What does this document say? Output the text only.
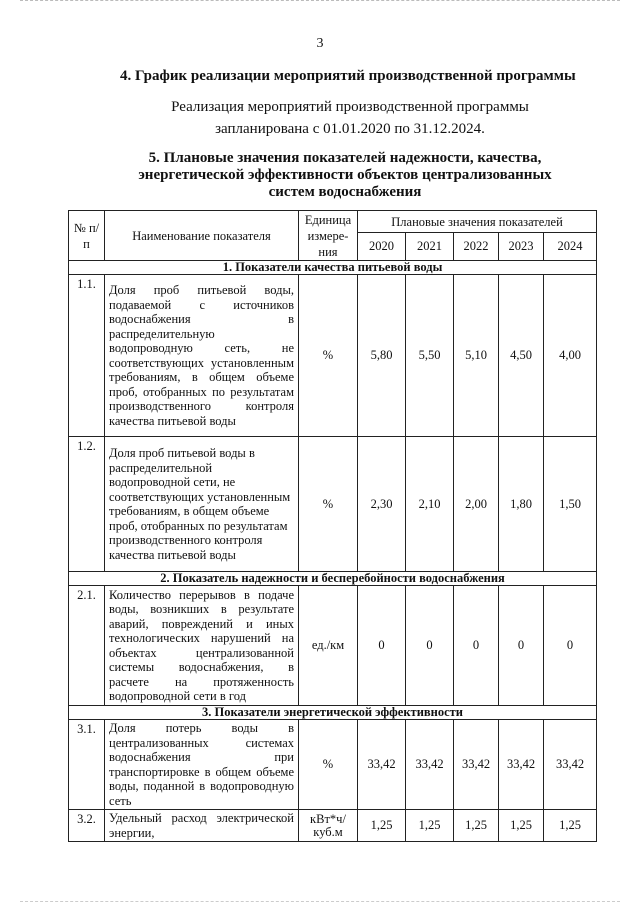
3
4. График реализации мероприятий производственной программы
Реализация мероприятий производственной программы запланирована с 01.01.2020 по 31.12.2024.
5. Плановые значения показателей надежности, качества, энергетической эффективности объектов централизованных систем водоснабжения
№ п/п	Наименование показателя	Единица измере-ния	Плановые значения показателей				
			2020	2021	2022	2023	2024
1. Показатели качества питьевой воды							
1.1.	Доля проб питьевой воды, подаваемой с источников водоснабжения в распределительную водопроводную сеть, не соответствующих установленным требованиям, в общем объеме проб, отобранных по результатам производственного контроля качества питьевой воды	%	5,80	5,50	5,10	4,50	4,00
1.2.	Доля проб питьевой воды в распределительной водопроводной сети, не соответствующих установленным требованиям, в общем объеме проб, отобранных по результатам производственного контроля качества питьевой воды	%	2,30	2,10	2,00	1,80	1,50
2. Показатель надежности и бесперебойности водоснабжения							
2.1.	Количество перерывов в подаче воды, возникших в результате аварий, повреждений и иных технологических нарушений на объектах централизованной системы водоснабжения, в расчете на протяженность водопроводной сети в год	ед./км	0	0	0	0	0
3. Показатели энергетической эффективности							
3.1.	Доля потерь воды в централизованных системах водоснабжения при транспортировке в общем объеме воды, поданной в водопроводную сеть	%	33,42	33,42	33,42	33,42	33,42
3.2.	Удельный расход электрической энергии,	кВт*ч/ куб.м	1,25	1,25	1,25	1,25	1,25
